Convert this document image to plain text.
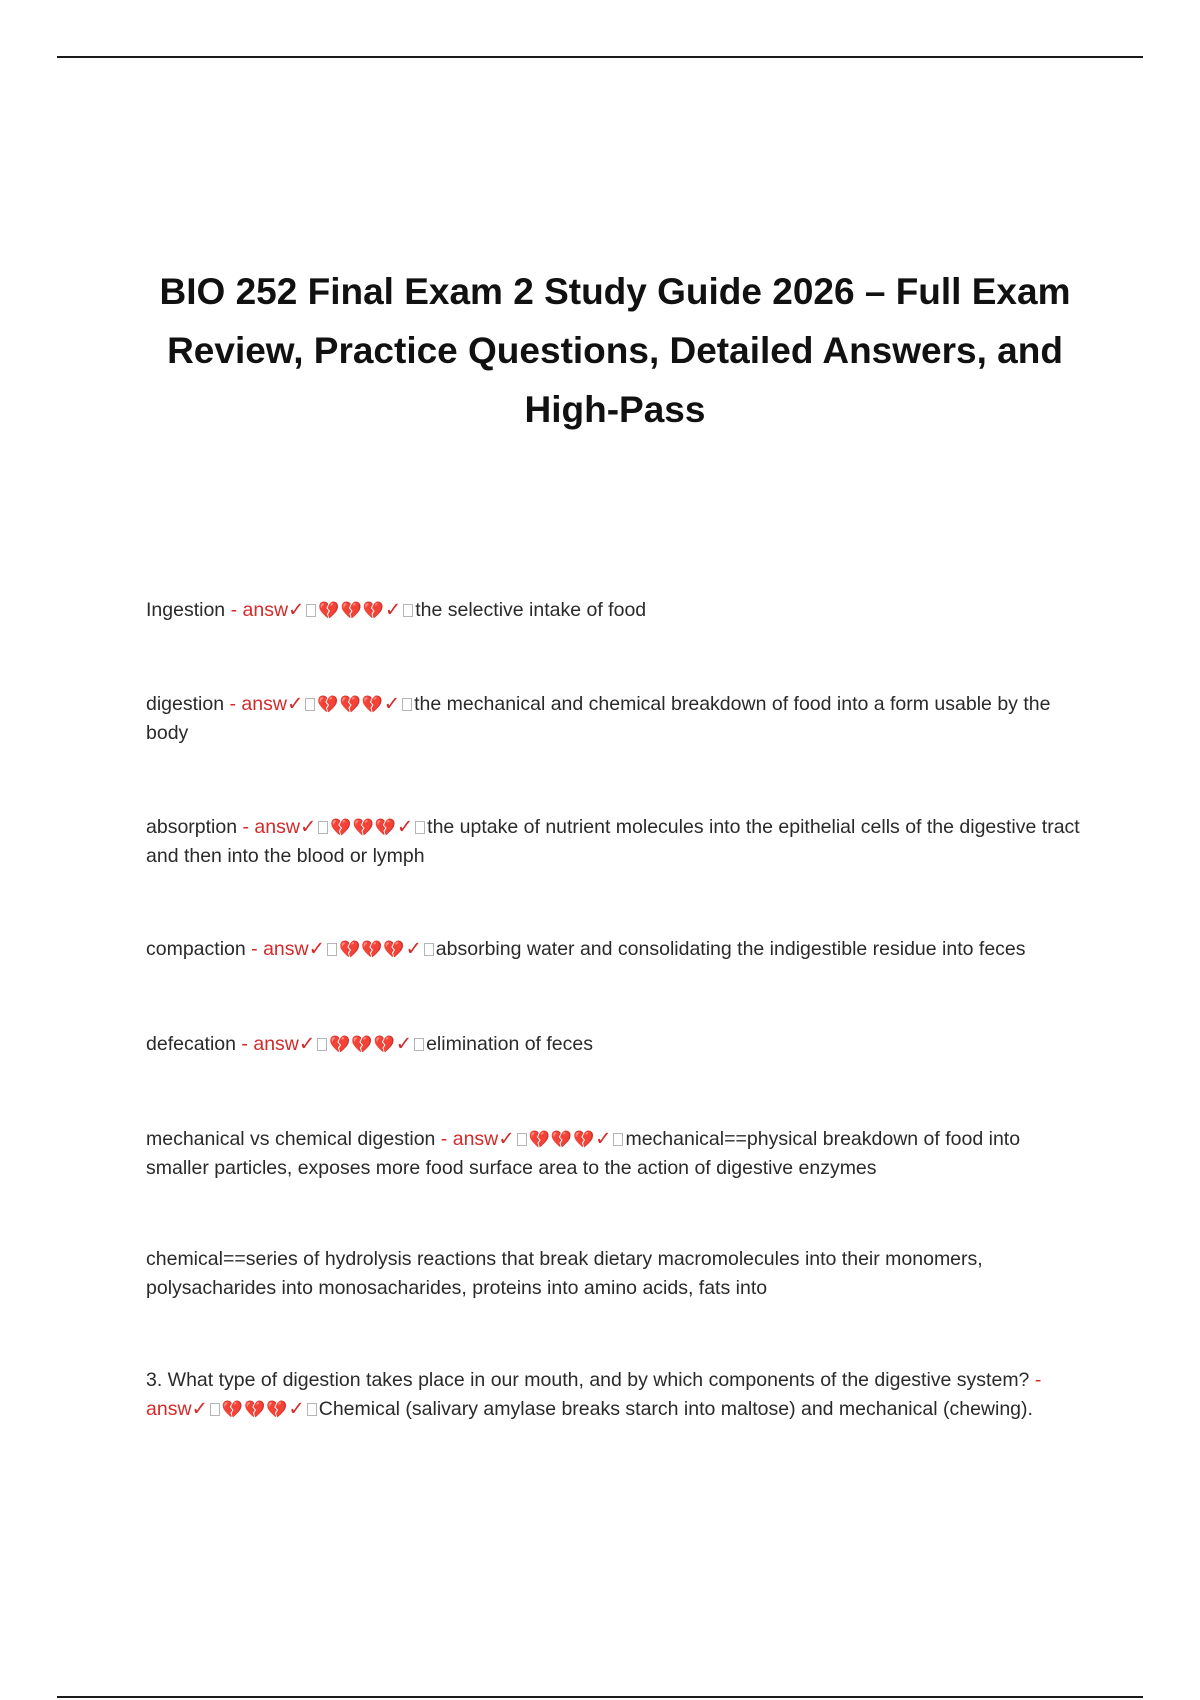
BIO 252 Final Exam 2 Study Guide 2026 – Full Exam Review, Practice Questions, Detailed Answers, and High-Pass

Ingestion - answ✓ 💔💔💔✓ the selective intake of food

digestion - answ✓ 💔💔💔✓ the mechanical and chemical breakdown of food into a form usable by the body

absorption - answ✓ 💔💔💔✓ the uptake of nutrient molecules into the epithelial cells of the digestive tract and then into the blood or lymph

compaction - answ✓ 💔💔💔✓ absorbing water and consolidating the indigestible residue into feces

defecation - answ✓ 💔💔💔✓ elimination of feces

mechanical vs chemical digestion - answ✓ 💔💔💔✓ mechanical==physical breakdown of food into smaller particles, exposes more food surface area to the action of digestive enzymes

chemical==series of hydrolysis reactions that break dietary macromolecules into their monomers, polysacharides into monosacharides, proteins into amino acids, fats into

3. What type of digestion takes place in our mouth, and by which components of the digestive system? - answ✓ 💔💔💔✓ Chemical (salivary amylase breaks starch into maltose) and mechanical (chewing).
